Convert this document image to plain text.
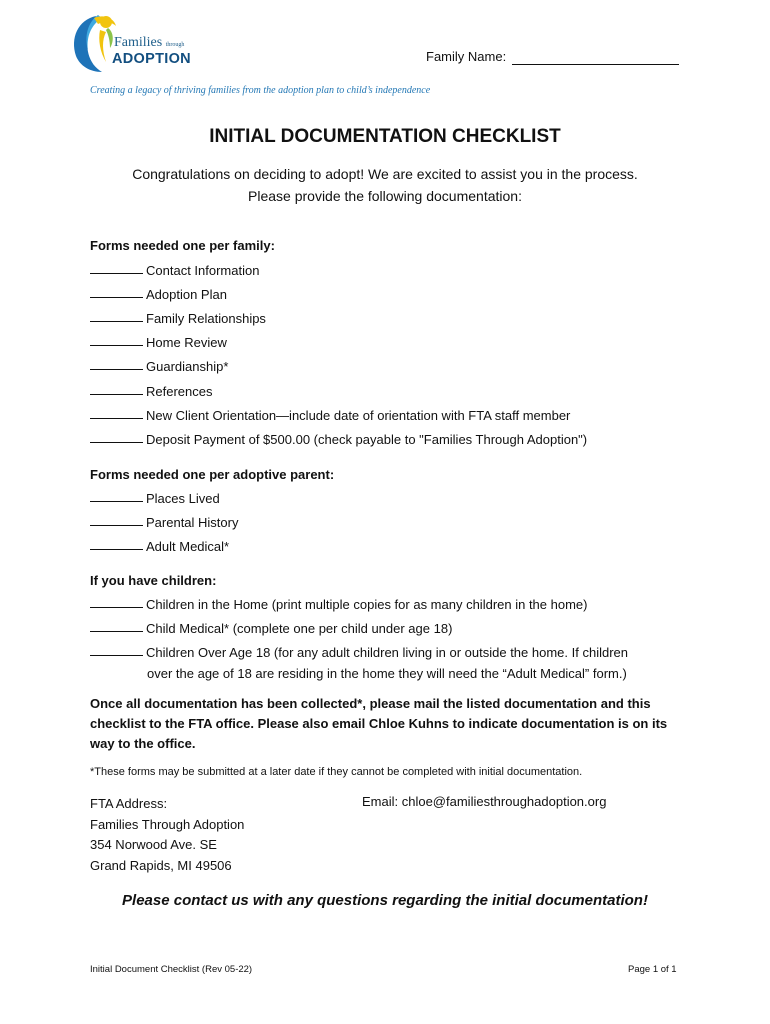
Families through
ADOPTION	Family Name:
Creating a legacy of thriving families from the adoption plan to child’s independence
INITIAL DOCUMENTATION CHECKLIST
Congratulations on deciding to adopt! We are excited to assist you in the process.
Please provide the following documentation:
Forms needed one per family:
Contact Information
Adoption Plan
Family Relationships
Home Review
Guardianship*
References
New Client Orientation—include date of orientation with FTA staff member
Deposit Payment of $500.00 (check payable to "Families Through Adoption")
Forms needed one per adoptive parent:
Places Lived
Parental History
Adult Medical*
If you have children:
Children in the Home (print multiple copies for as many children in the home)
Child Medical* (complete one per child under age 18)
Children Over Age 18 (for any adult children living in or outside the home. If children
over the age of 18 are residing in the home they will need the “Adult Medical” form.)
Once all documentation has been collected*, please mail the listed documentation and this
checklist to the FTA office. Please also email Chloe Kuhns to indicate documentation is on its
way to the office.
*These forms may be submitted at a later date if they cannot be completed with initial documentation.
FTA Address:
Families Through Adoption
354 Norwood Ave. SE
Grand Rapids, MI 49506
Email: chloe@familiesthroughadoption.org
Please contact us with any questions regarding the initial documentation!
Initial Document Checklist (Rev 05-22)	Page 1 of 1
